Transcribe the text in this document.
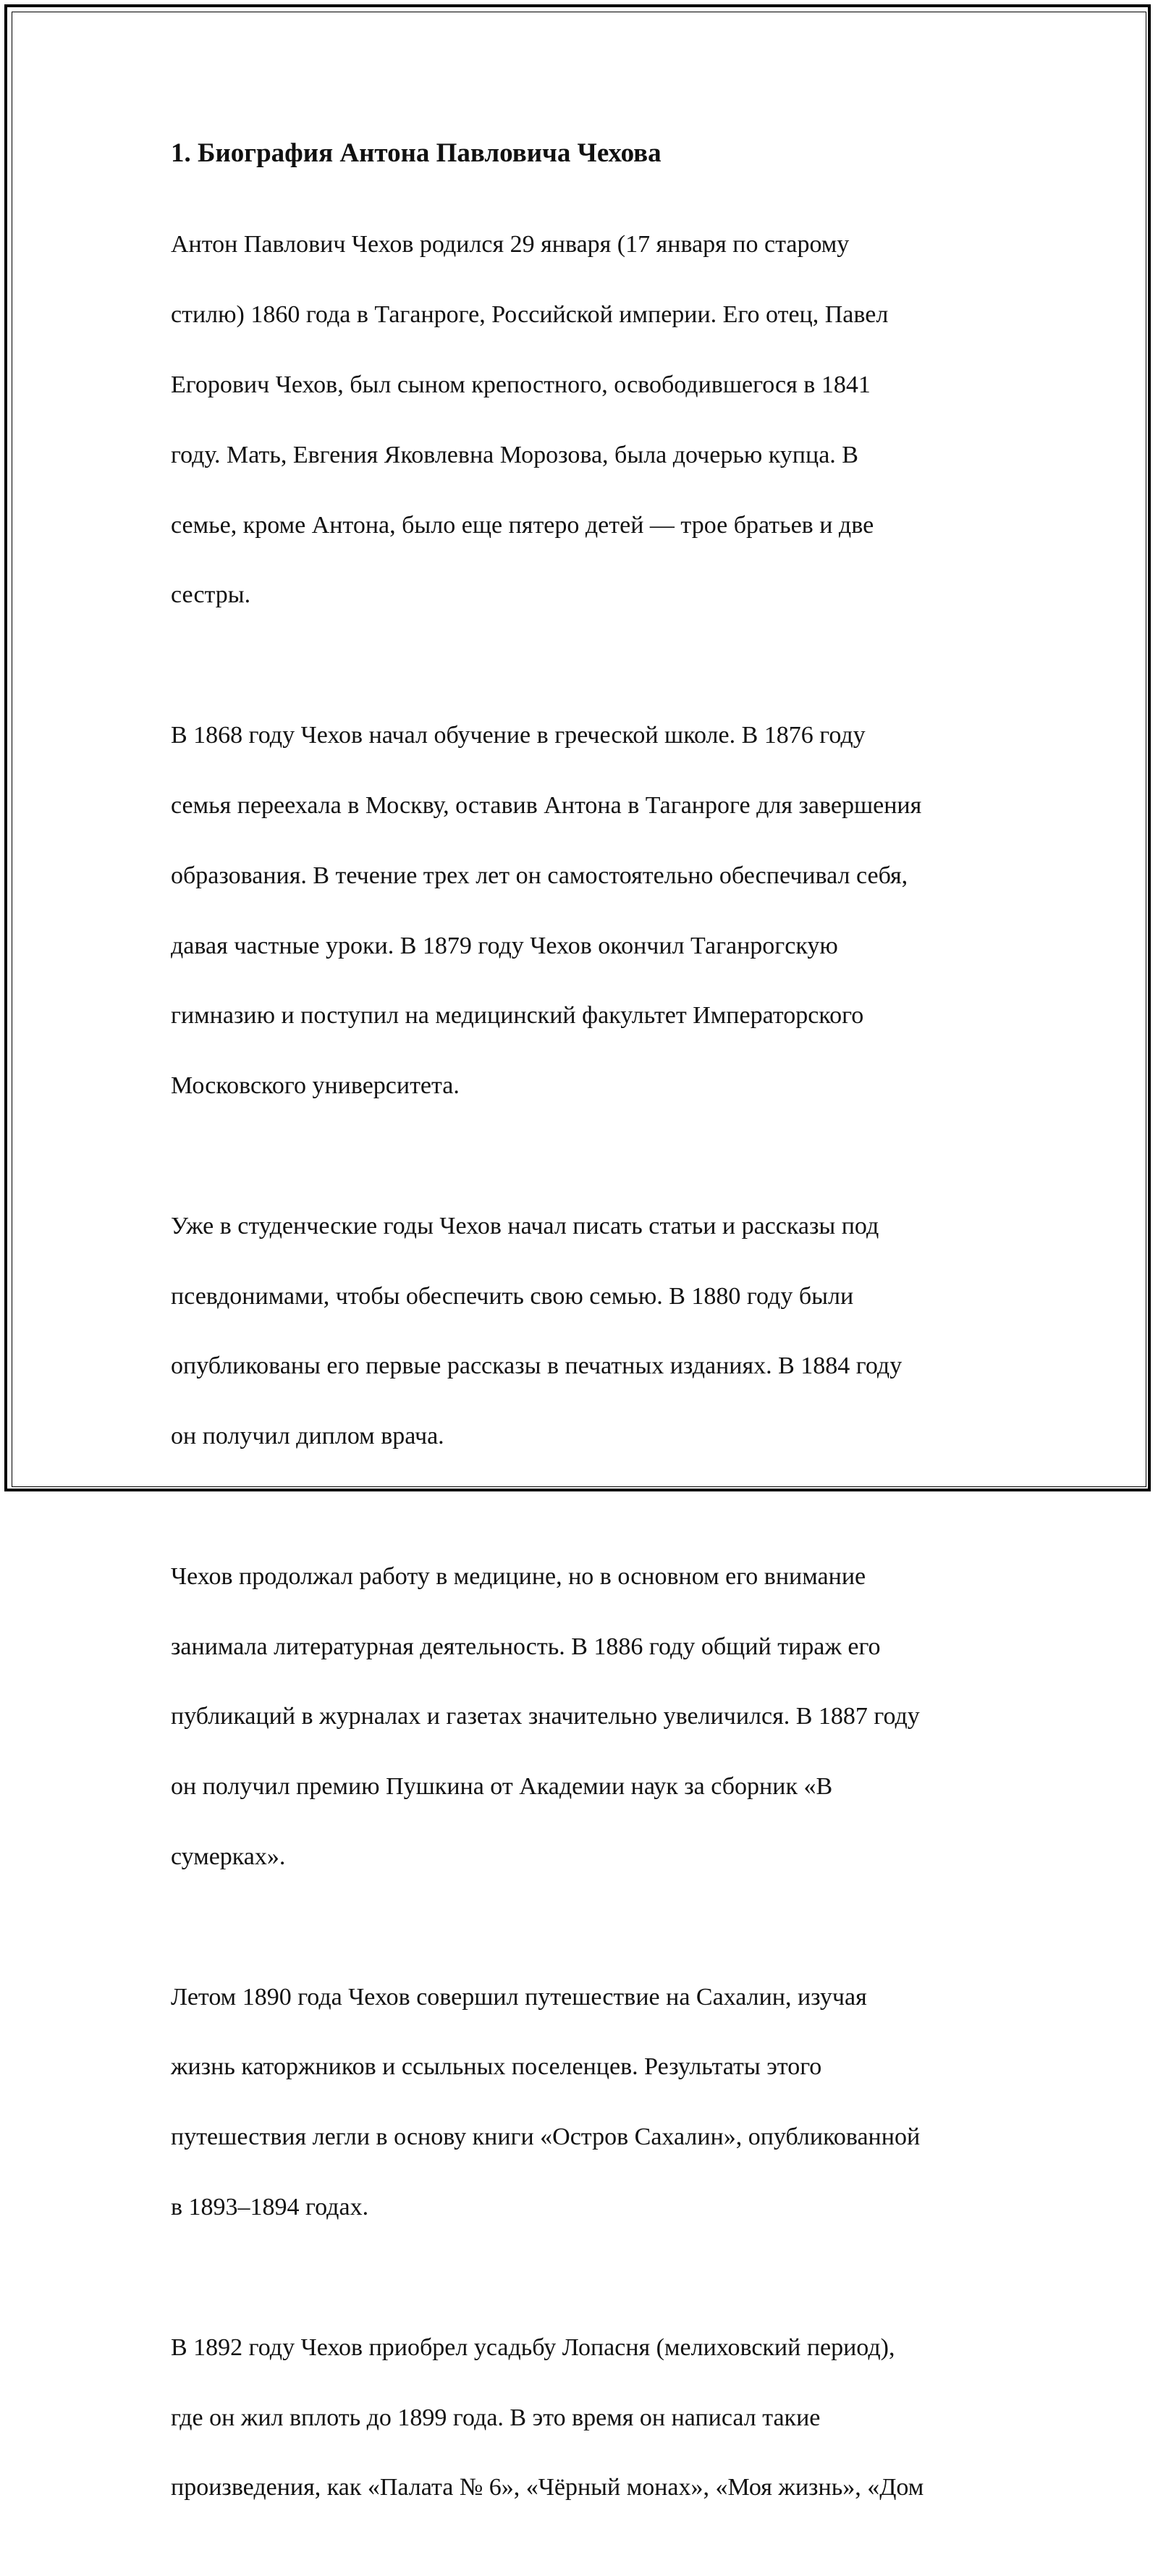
1. Биография Антона Павловича Чехова

Антон Павлович Чехов родился 29 января (17 января по старому

стилю) 1860 года в Таганроге, Российской империи. Его отец, Павел

Егорович Чехов, был сыном крепостного, освободившегося в 1841

году. Мать, Евгения Яковлевна Морозова, была дочерью купца. В

семье, кроме Антона, было еще пятеро детей — трое братьев и две

сестры.

В 1868 году Чехов начал обучение в греческой школе. В 1876 году

семья переехала в Москву, оставив Антона в Таганроге для завершения

образования. В течение трех лет он самостоятельно обеспечивал себя,

давая частные уроки. В 1879 году Чехов окончил Таганрогскую

гимназию и поступил на медицинский факультет Императорского

Московского университета.

Уже в студенческие годы Чехов начал писать статьи и рассказы под

псевдонимами, чтобы обеспечить свою семью. В 1880 году были

опубликованы его первые рассказы в печатных изданиях. В 1884 году

он получил диплом врача.

Чехов продолжал работу в медицине, но в основном его внимание

занимала литературная деятельность. В 1886 году общий тираж его

публикаций в журналах и газетах значительно увеличился. В 1887 году

он получил премию Пушкина от Академии наук за сборник «В

сумерках».

Летом 1890 года Чехов совершил путешествие на Сахалин, изучая

жизнь каторжников и ссыльных поселенцев. Результаты этого

путешествия легли в основу книги «Остров Сахалин», опубликованной

в 1893–1894 годах.

В 1892 году Чехов приобрел усадьбу Лопасня (мелиховский период),

где он жил вплоть до 1899 года. В это время он написал такие

произведения, как «Палата № 6», «Чёрный монах», «Моя жизнь», «Дом
